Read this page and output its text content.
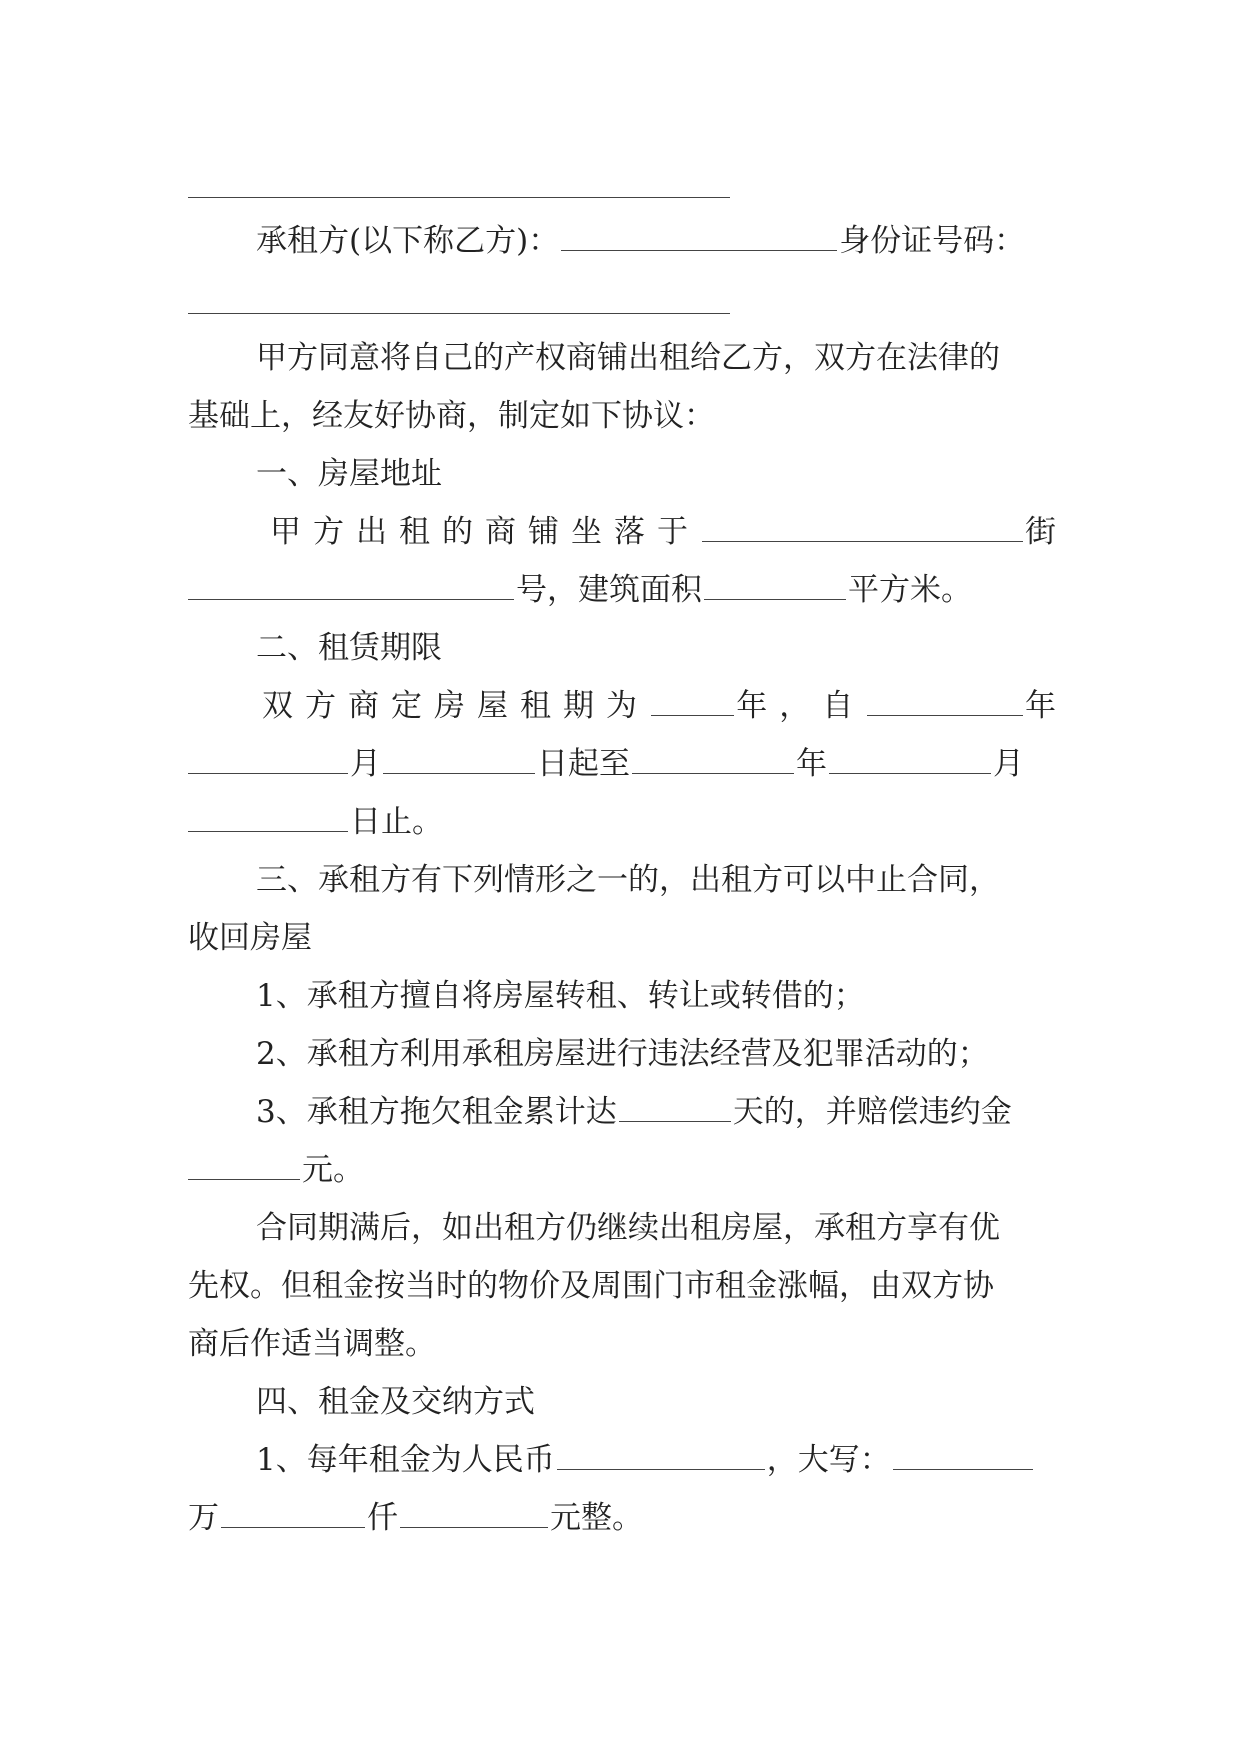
承租方(以下称乙方)：	身份证号码：
甲方同意将自己的产权商铺出租给乙方，双方在法律的
基础上，经友好协商，制定如下协议：
一、房屋地址
甲方出租的商铺坐落于	街
号，建筑面积	平方米。
二、租赁期限
双方商定房屋租期为	年，自	年
月	日起至	年	月
日止。
三、承租方有下列情形之一的，出租方可以中止合同，
收回房屋
1、承租方擅自将房屋转租、转让或转借的；
2、承租方利用承租房屋进行违法经营及犯罪活动的；
3、承租方拖欠租金累计达	天的，并赔偿违约金
元。
合同期满后，如出租方仍继续出租房屋，承租方享有优
先权。但租金按当时的物价及周围门市租金涨幅，由双方协
商后作适当调整。
四、租金及交纳方式
1、每年租金为人民币	，大写：
万	仟	元整。
